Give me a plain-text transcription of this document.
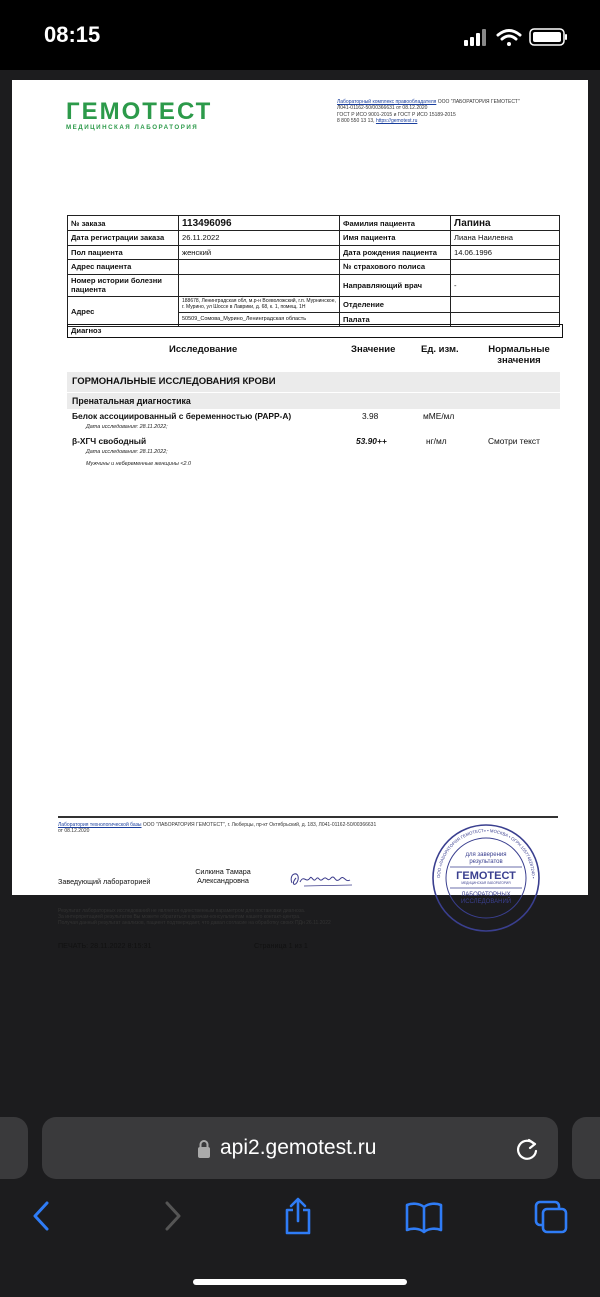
08:15
ГЕМОТЕСТ
МЕДИЦИНСКАЯ ЛАБОРАТОРИЯ
Лабораторный комплекс правообладателя ООО "ЛАБОРАТОРИЯ ГЕМОТЕСТ"
Л041-01162-50/00366631 от 08.12.2020
ГОСТ Р ИСО 9001-2015 и ГОСТ Р ИСО 15189-2015
8 800 550 13 13, https://gemotest.ru
№ заказа	113496096	Фамилия пациента	Лапина
Дата регистрации заказа	26.11.2022	Имя пациента	Лиана Наилевна
Пол пациента	женский	Дата рождения пациента	14.06.1996
Адрес пациента		№ страхового полиса	
Номер истории болезни пациента		Направляющий врач	-
Адрес	188678, Ленинградская обл, м.р-н Всеволожский, г.п. Мурнинское, г. Мурино, ул Шоссе в Лаврики, д. 68, к. 1, помещ. 1Н	Отделение	
	50509_Сомова_Мурино_Ленинградская область	Палата	
Диагноз
Исследование	Значение	Ед. изм.	Нормальные
значения
ГОРМОНАЛЬНЫЕ ИССЛЕДОВАНИЯ КРОВИ
Пренатальная диагностика
Белок ассоциированный с беременностью (PAPP-A)	3.98	мМЕ/мл
Дата исследования: 28.11.2022;
β-ХГЧ свободный	53.90++	нг/мл	Смотри текст
Дата исследования: 28.11.2022;
Мужчины и небеременные женщины <2.0
Лаборатория технологической базы ООО "ЛАБОРАТОРИЯ ГЕМОТЕСТ", г. Люберцы, пр-кт Октябрьский, д. 183, Л041-01162-50/00366631
от 08.12.2020
Заведующий лабораторией
Силкина Тамара
Александровна
Результат лабораторных исследований не является единственным параметром для постановки диагноза.
За интерпретацией результатов Вы можете обратиться к врачам-консультантам нашего контакт-центра.
Получая данный результат анализов, пациент подтверждает, что давал согласие на обработку своих ПДн 26.11.2022
ПЕЧАТЬ: 28.11.2022 8:15:31	Страница 1 из 1
ООО «ЛАБОРАТОРИЯ ГЕМОТЕСТ» • МОСКВА • ОГРН 1057748287240 •
для заверения
результатов
ГЕМОТЕСТ
МЕДИЦИНСКАЯ ЛАБОРАТОРИЯ
ЛАБОРАТОРНЫХ
ИССЛЕДОВАНИЙ
api2.gemotest.ru
